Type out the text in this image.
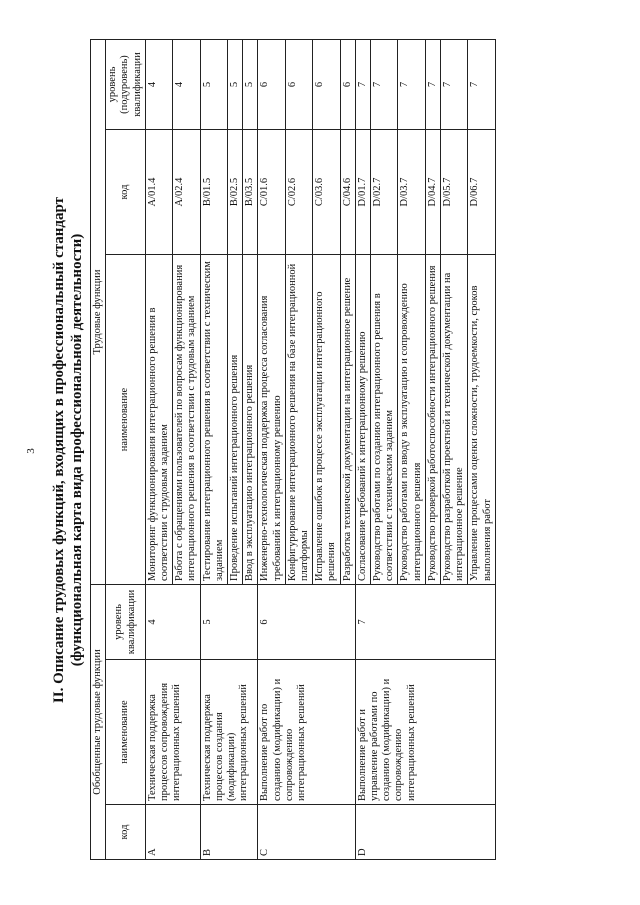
3 II. Описание трудовых функций, входящих в профессиональный стандарт (функциональная карта вида профессиональной деятельности)
Обобщенные трудовые функции			Трудовые функции		
код	наименование	уровень квалификации	наименование	код	уровень (подуровень) квалификации
A	Техническая поддержка процессов сопровождения интеграционных решений	4	Мониторинг функционирования интеграционного решения в соответствии с трудовым заданием	A/01.4	4
			Работа с обращениями пользователей по вопросам функционирования интеграционного решения в соответствии с трудовым заданием	A/02.4	4
B	Техническая поддержка процессов создания (модификации) интеграционных решений	5	Тестирование интеграционного решения в соответствии с техническим заданием	B/01.5	5
			Проведение испытаний интеграционного решения	B/02.5	5
			Ввод в эксплуатацию интеграционного решения	B/03.5	5
C	Выполнение работ по созданию (модификации) и сопровождению интеграционных решений	6	Инженерно-технологическая поддержка процесса согласования требований к интеграционному решению	C/01.6	6
			Конфигурирование интеграционного решения на базе интеграционной платформы	C/02.6	6
			Исправление ошибок в процессе эксплуатации интеграционного решения	C/03.6	6
			Разработка технической документации на интеграционное решение	C/04.6	6
D	Выполнение работ и управление работами по созданию (модификации) и сопровождению интеграционных решений	7	Согласование требований к интеграционному решению	D/01.7	7
			Руководство работами по созданию интеграционного решения в соответствии с техническим заданием	D/02.7	7
			Руководство работами по вводу в эксплуатацию и сопровождению интеграционного решения	D/03.7	7
			Руководство проверкой работоспособности интеграционного решения	D/04.7	7
			Руководство разработкой проектной и технической документации на интеграционное решение	D/05.7	7
			Управление процессами оценки сложности, трудоемкости, сроков выполнения работ	D/06.7	7
